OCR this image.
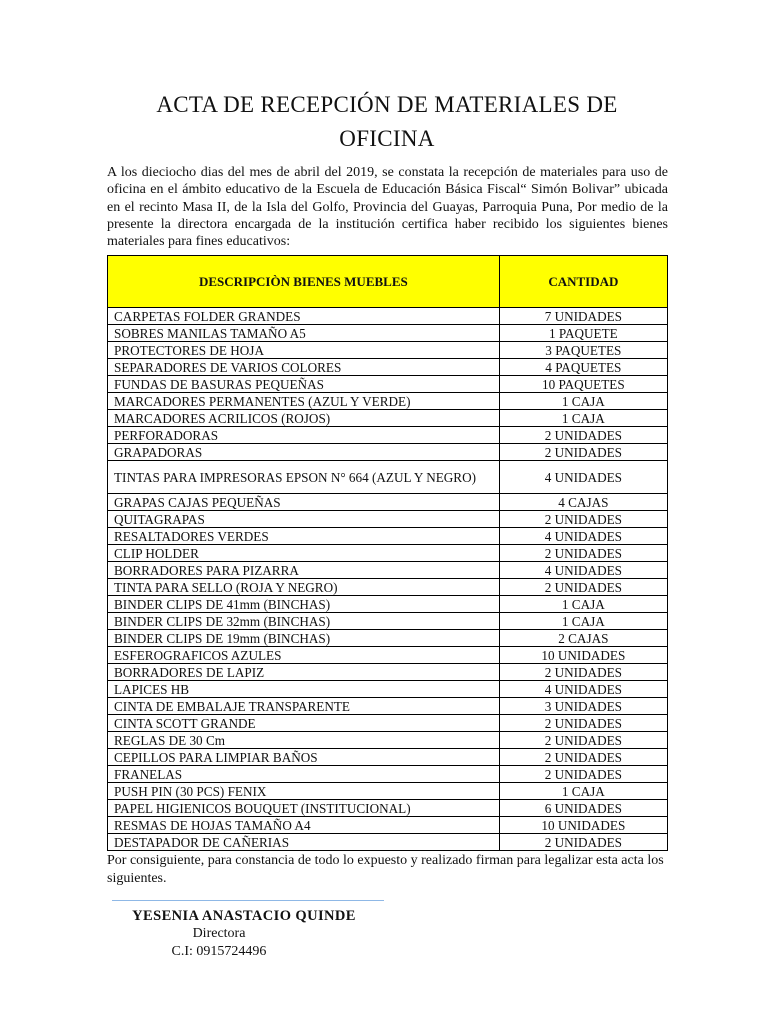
ACTA DE RECEPCIÓN DE MATERIALES DE OFICINA
A los dieciocho dias del mes de abril del 2019, se constata la recepción de materiales para uso de oficina en el ámbito educativo de la Escuela de Educación Básica Fiscal“ Simón Bolivar” ubicada en el recinto Masa II, de la Isla del Golfo, Provincia del Guayas, Parroquia Puna, Por medio de la presente la directora encargada de la institución certifica haber recibido los siguientes bienes materiales para fines educativos:
DESCRIPCIÒN BIENES MUEBLES	CANTIDAD
CARPETAS FOLDER GRANDES	7 UNIDADES
SOBRES MANILAS TAMAÑO A5	1 PAQUETE
PROTECTORES DE HOJA	3 PAQUETES
SEPARADORES DE VARIOS COLORES	4 PAQUETES
FUNDAS DE BASURAS PEQUEÑAS	10 PAQUETES
MARCADORES PERMANENTES (AZUL Y VERDE)	1 CAJA
MARCADORES ACRILICOS (ROJOS)	1 CAJA
PERFORADORAS	2 UNIDADES
GRAPADORAS	2 UNIDADES
TINTAS PARA IMPRESORAS EPSON N° 664 (AZUL Y NEGRO)	4 UNIDADES
GRAPAS CAJAS PEQUEÑAS	4 CAJAS
QUITAGRAPAS	2 UNIDADES
RESALTADORES VERDES	4 UNIDADES
CLIP HOLDER	2 UNIDADES
BORRADORES PARA PIZARRA	4 UNIDADES
TINTA PARA SELLO (ROJA Y NEGRO)	2 UNIDADES
BINDER CLIPS DE 41mm (BINCHAS)	1 CAJA
BINDER CLIPS DE 32mm (BINCHAS)	1 CAJA
BINDER CLIPS DE 19mm (BINCHAS)	2 CAJAS
ESFEROGRAFICOS AZULES	10 UNIDADES
BORRADORES DE LAPIZ	2 UNIDADES
LAPICES HB	4 UNIDADES
CINTA DE EMBALAJE TRANSPARENTE	3 UNIDADES
CINTA SCOTT GRANDE	2 UNIDADES
REGLAS DE 30 Cm	2 UNIDADES
CEPILLOS PARA LIMPIAR BAÑOS	2 UNIDADES
FRANELAS	2 UNIDADES
PUSH PIN (30 PCS) FENIX	1 CAJA
PAPEL HIGIENICOS BOUQUET (INSTITUCIONAL)	6 UNIDADES
RESMAS DE HOJAS TAMAÑO A4	10 UNIDADES
DESTAPADOR DE CAÑERIAS	2 UNIDADES
Por consiguiente, para constancia de todo lo expuesto y realizado firman para legalizar esta acta los siguientes.
YESENIA ANASTACIO QUINDE
Directora
C.I: 0915724496
